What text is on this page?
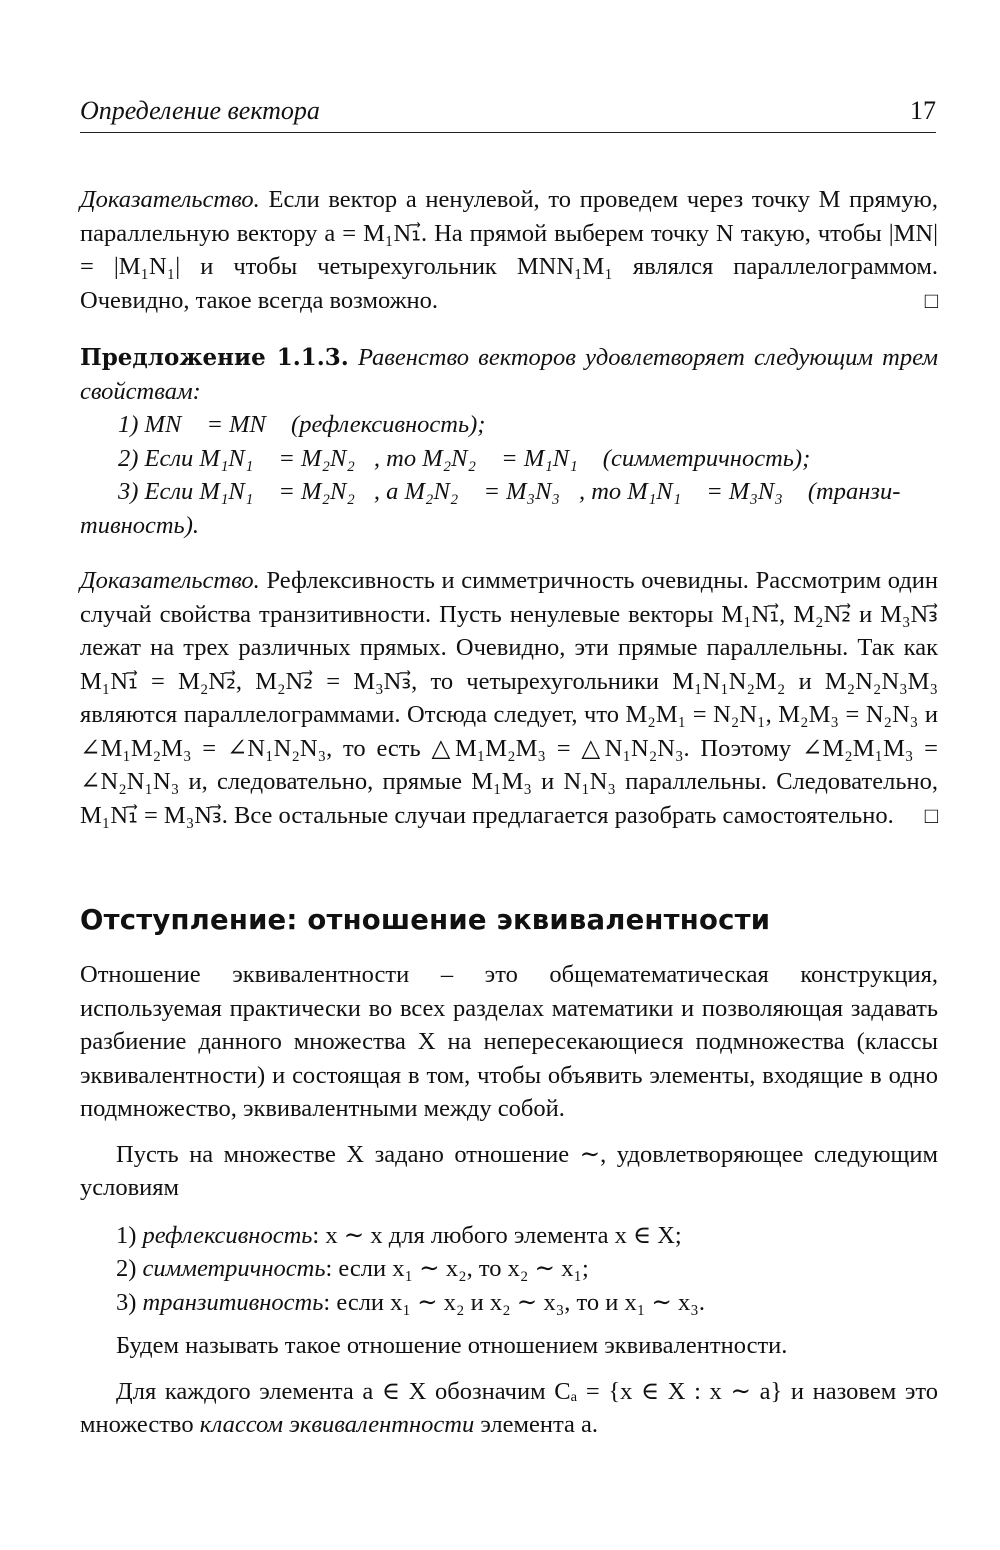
Определение вектора	17

Доказательство. Если вектор a ненулевой, то проведем через точку M прямую, параллельную вектору a = M₁N₁⃗. На прямой выберем точку N такую, чтобы |MN| = |M₁N₁| и чтобы четырехугольник MNN₁M₁ являлся параллелограммом. Очевидно, такое всегда возможно.	□

Предложение 1.1.3. Равенство векторов удовлетворяет следующим трем свойствам:

1) MN⃗ = MN⃗ (рефлексивность);
2) Если M₁N₁⃗ = M₂N₂⃗, то M₂N₂⃗ = M₁N₁⃗ (симметричность);
3) Если M₁N₁⃗ = M₂N₂⃗, а M₂N₂⃗ = M₃N₃⃗, то M₁N₁⃗ = M₃N₃⃗ (транзи-
тивность).

Доказательство. Рефлексивность и симметричность очевидны. Рассмотрим один случай свойства транзитивности. Пусть ненулевые векторы M₁N₁⃗, M₂N₂⃗ и M₃N₃⃗ лежат на трех различных прямых. Очевидно, эти прямые параллельны. Так как M₁N₁⃗ = M₂N₂⃗, M₂N₂⃗ = M₃N₃⃗, то четырехугольники M₁N₁N₂M₂ и M₂N₂N₃M₃ являются параллелограммами. Отсюда следует, что M₂M₁ = N₂N₁, M₂M₃ = N₂N₃ и ∠M₁M₂M₃ = ∠N₁N₂N₃, то есть △M₁M₂M₃ = △N₁N₂N₃. Поэтому ∠M₂M₁M₃ = ∠N₂N₁N₃ и, следовательно, прямые M₁M₃ и N₁N₃ параллельны. Следовательно, M₁N₁⃗ = M₃N₃⃗. Все остальные случаи предлагается разобрать самостоятельно. □

Отступление: отношение эквивалентности

Отношение эквивалентности – это общематематическая конструкция, используемая практически во всех разделах математики и позволяющая задавать разбиение данного множества X на непересекающиеся подмножества (классы эквивалентности) и состоящая в том, чтобы объявить элементы, входящие в одно подмножество, эквивалентными между собой.

Пусть на множестве X задано отношение ∼, удовлетворяющее следующим условиям

1) рефлексивность: x ∼ x для любого элемента x ∈ X;
2) симметричность: если x₁ ∼ x₂, то x₂ ∼ x₁;
3) транзитивность: если x₁ ∼ x₂ и x₂ ∼ x₃, то и x₁ ∼ x₃.

Будем называть такое отношение отношением эквивалентности.

Для каждого элемента a ∈ X обозначим Cₐ = {x ∈ X : x ∼ a} и назовем это множество классом эквивалентности элемента a.
